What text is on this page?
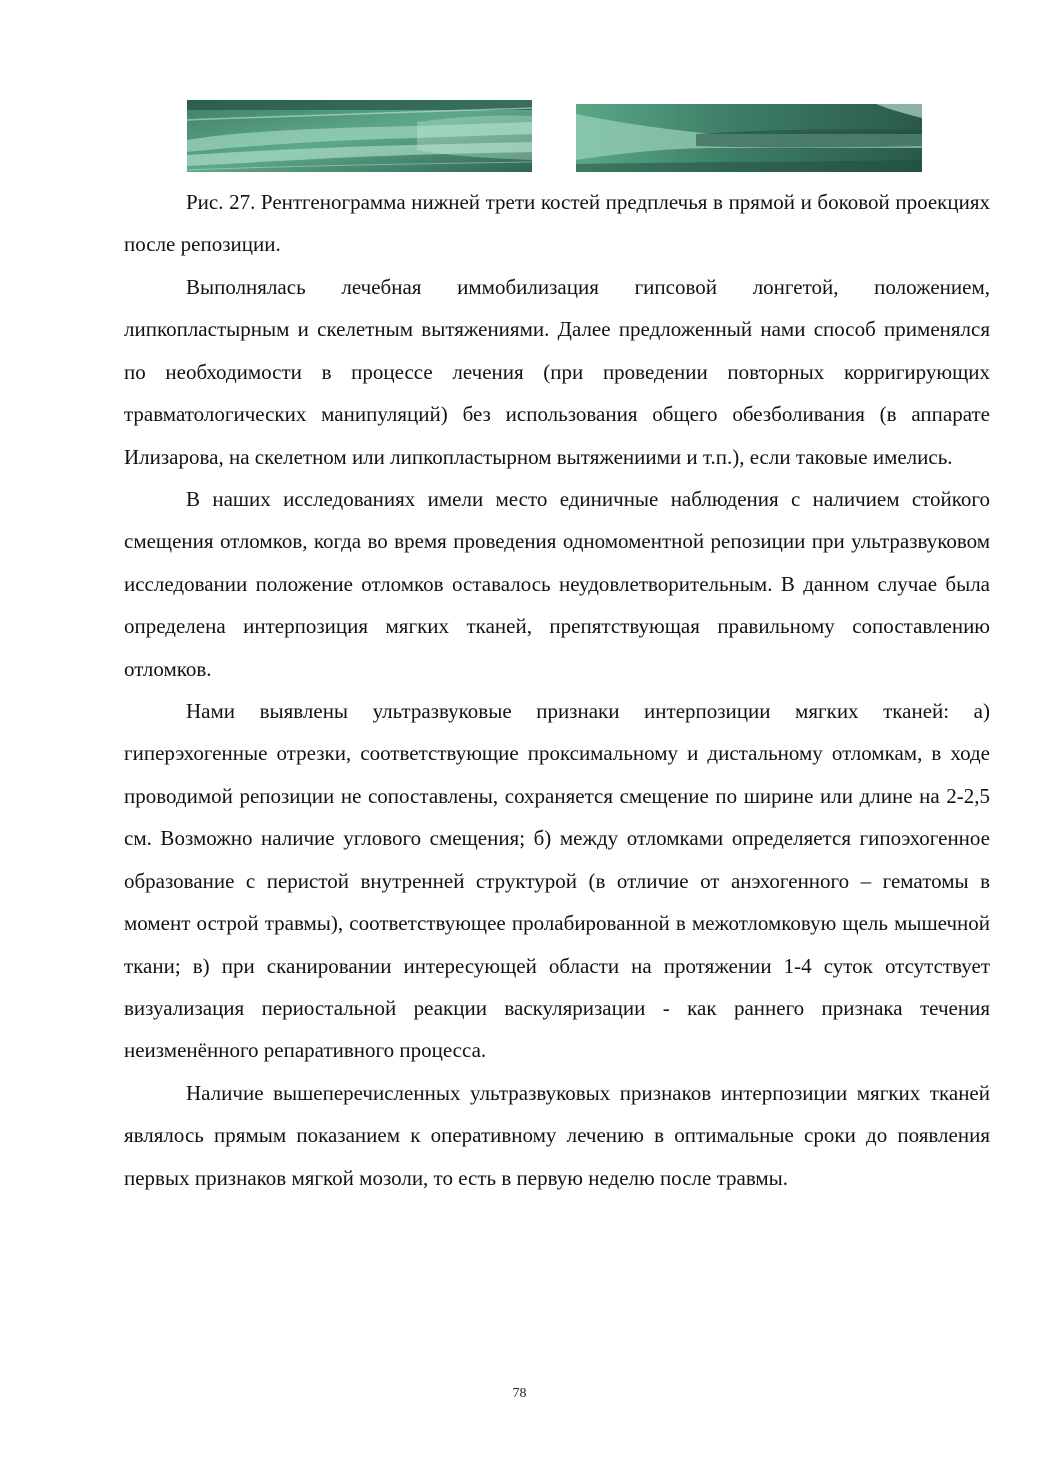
Рис. 27. Рентгенограмма нижней трети костей предплечья в прямой и боковой проекциях после репозиции.

Выполнялась лечебная иммобилизация гипсовой лонгетой, положением, липкопластырным и скелетным вытяжениями. Далее предложенный нами способ применялся по необходимости в процессе лечения (при проведении повторных корригирующих травматологических манипуляций) без использования общего обезболивания (в аппарате Илизарова, на скелетном или липкопластырном вытяжениими и т.п.), если таковые имелись.

В наших исследованиях имели место единичные наблюдения с наличием стойкого смещения отломков, когда во время проведения одномоментной репозиции при ультразвуковом исследовании положение отломков оставалось неудовлетворительным. В данном случае была определена интерпозиция мягких тканей, препятствующая правильному сопоставлению отломков.

Нами выявлены ультразвуковые признаки интерпозиции мягких тканей: а) гиперэхогенные отрезки, соответствующие проксимальному и дистальному отломкам, в ходе проводимой репозиции не сопоставлены, сохраняется смещение по ширине или длине на 2-2,5 см. Возможно наличие углового смещения; б) между отломками определяется гипоэхогенное образование с перистой внутренней структурой (в отличие от анэхогенного – гематомы в момент острой травмы), соответствующее пролабированной в межотломковую щель мышечной ткани; в) при сканировании интересующей области на протяжении 1-4 суток отсутствует визуализация периостальной реакции васкуляризации - как раннего признака течения неизменённого репаративного процесса.

Наличие вышеперечисленных ультразвуковых признаков интерпозиции мягких тканей являлось прямым показанием к оперативному лечению в оптимальные сроки до появления первых признаков мягкой мозоли, то есть в первую неделю после травмы.

78
